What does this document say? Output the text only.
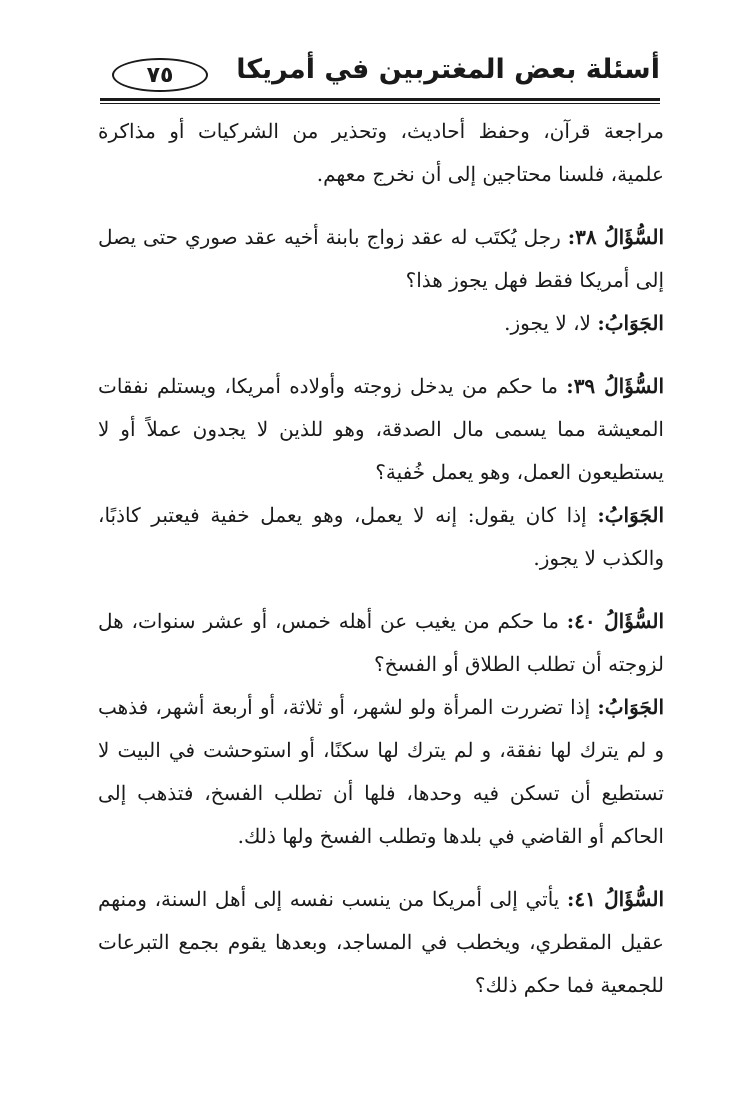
٧٥	أسئلة بعض المغتربين في أمريكا

مراجعة قرآن، وحفظ أحاديث، وتحذير من الشركيات أو مذاكرة علمية، فلسنا محتاجين إلى أن نخرج معهم.

السُّؤَالُ ٣٨: رجل يُكتَب له عقد زواج بابنة أخيه عقد صوري حتى يصل إلى أمريكا فقط فهل يجوز هذا؟

الجَوَابُ: لا، لا يجوز.

السُّؤَالُ ٣٩: ما حكم من يدخل زوجته وأولاده أمريكا، ويستلم نفقات المعيشة مما يسمى مال الصدقة، وهو للذين لا يجدون عملاً أو لا يستطيعون العمل، وهو يعمل خُفية؟

الجَوَابُ: إذا كان يقول: إنه لا يعمل، وهو يعمل خفية فيعتبر كاذبًا، والكذب لا يجوز.

السُّؤَالُ ٤٠: ما حكم من يغيب عن أهله خمس، أو عشر سنوات، هل لزوجته أن تطلب الطلاق أو الفسخ؟

الجَوَابُ: إذا تضررت المرأة ولو لشهر، أو ثلاثة، أو أربعة أشهر، فذهب و لم يترك لها نفقة، و لم يترك لها سكنًا، أو استوحشت في البيت لا تستطيع أن تسكن فيه وحدها، فلها أن تطلب الفسخ، فتذهب إلى الحاكم أو القاضي في بلدها وتطلب الفسخ ولها ذلك.

السُّؤَالُ ٤١: يأتي إلى أمريكا من ينسب نفسه إلى أهل السنة، ومنهم عقيل المقطري، ويخطب في المساجد، وبعدها يقوم بجمع التبرعات للجمعية فما حكم ذلك؟
